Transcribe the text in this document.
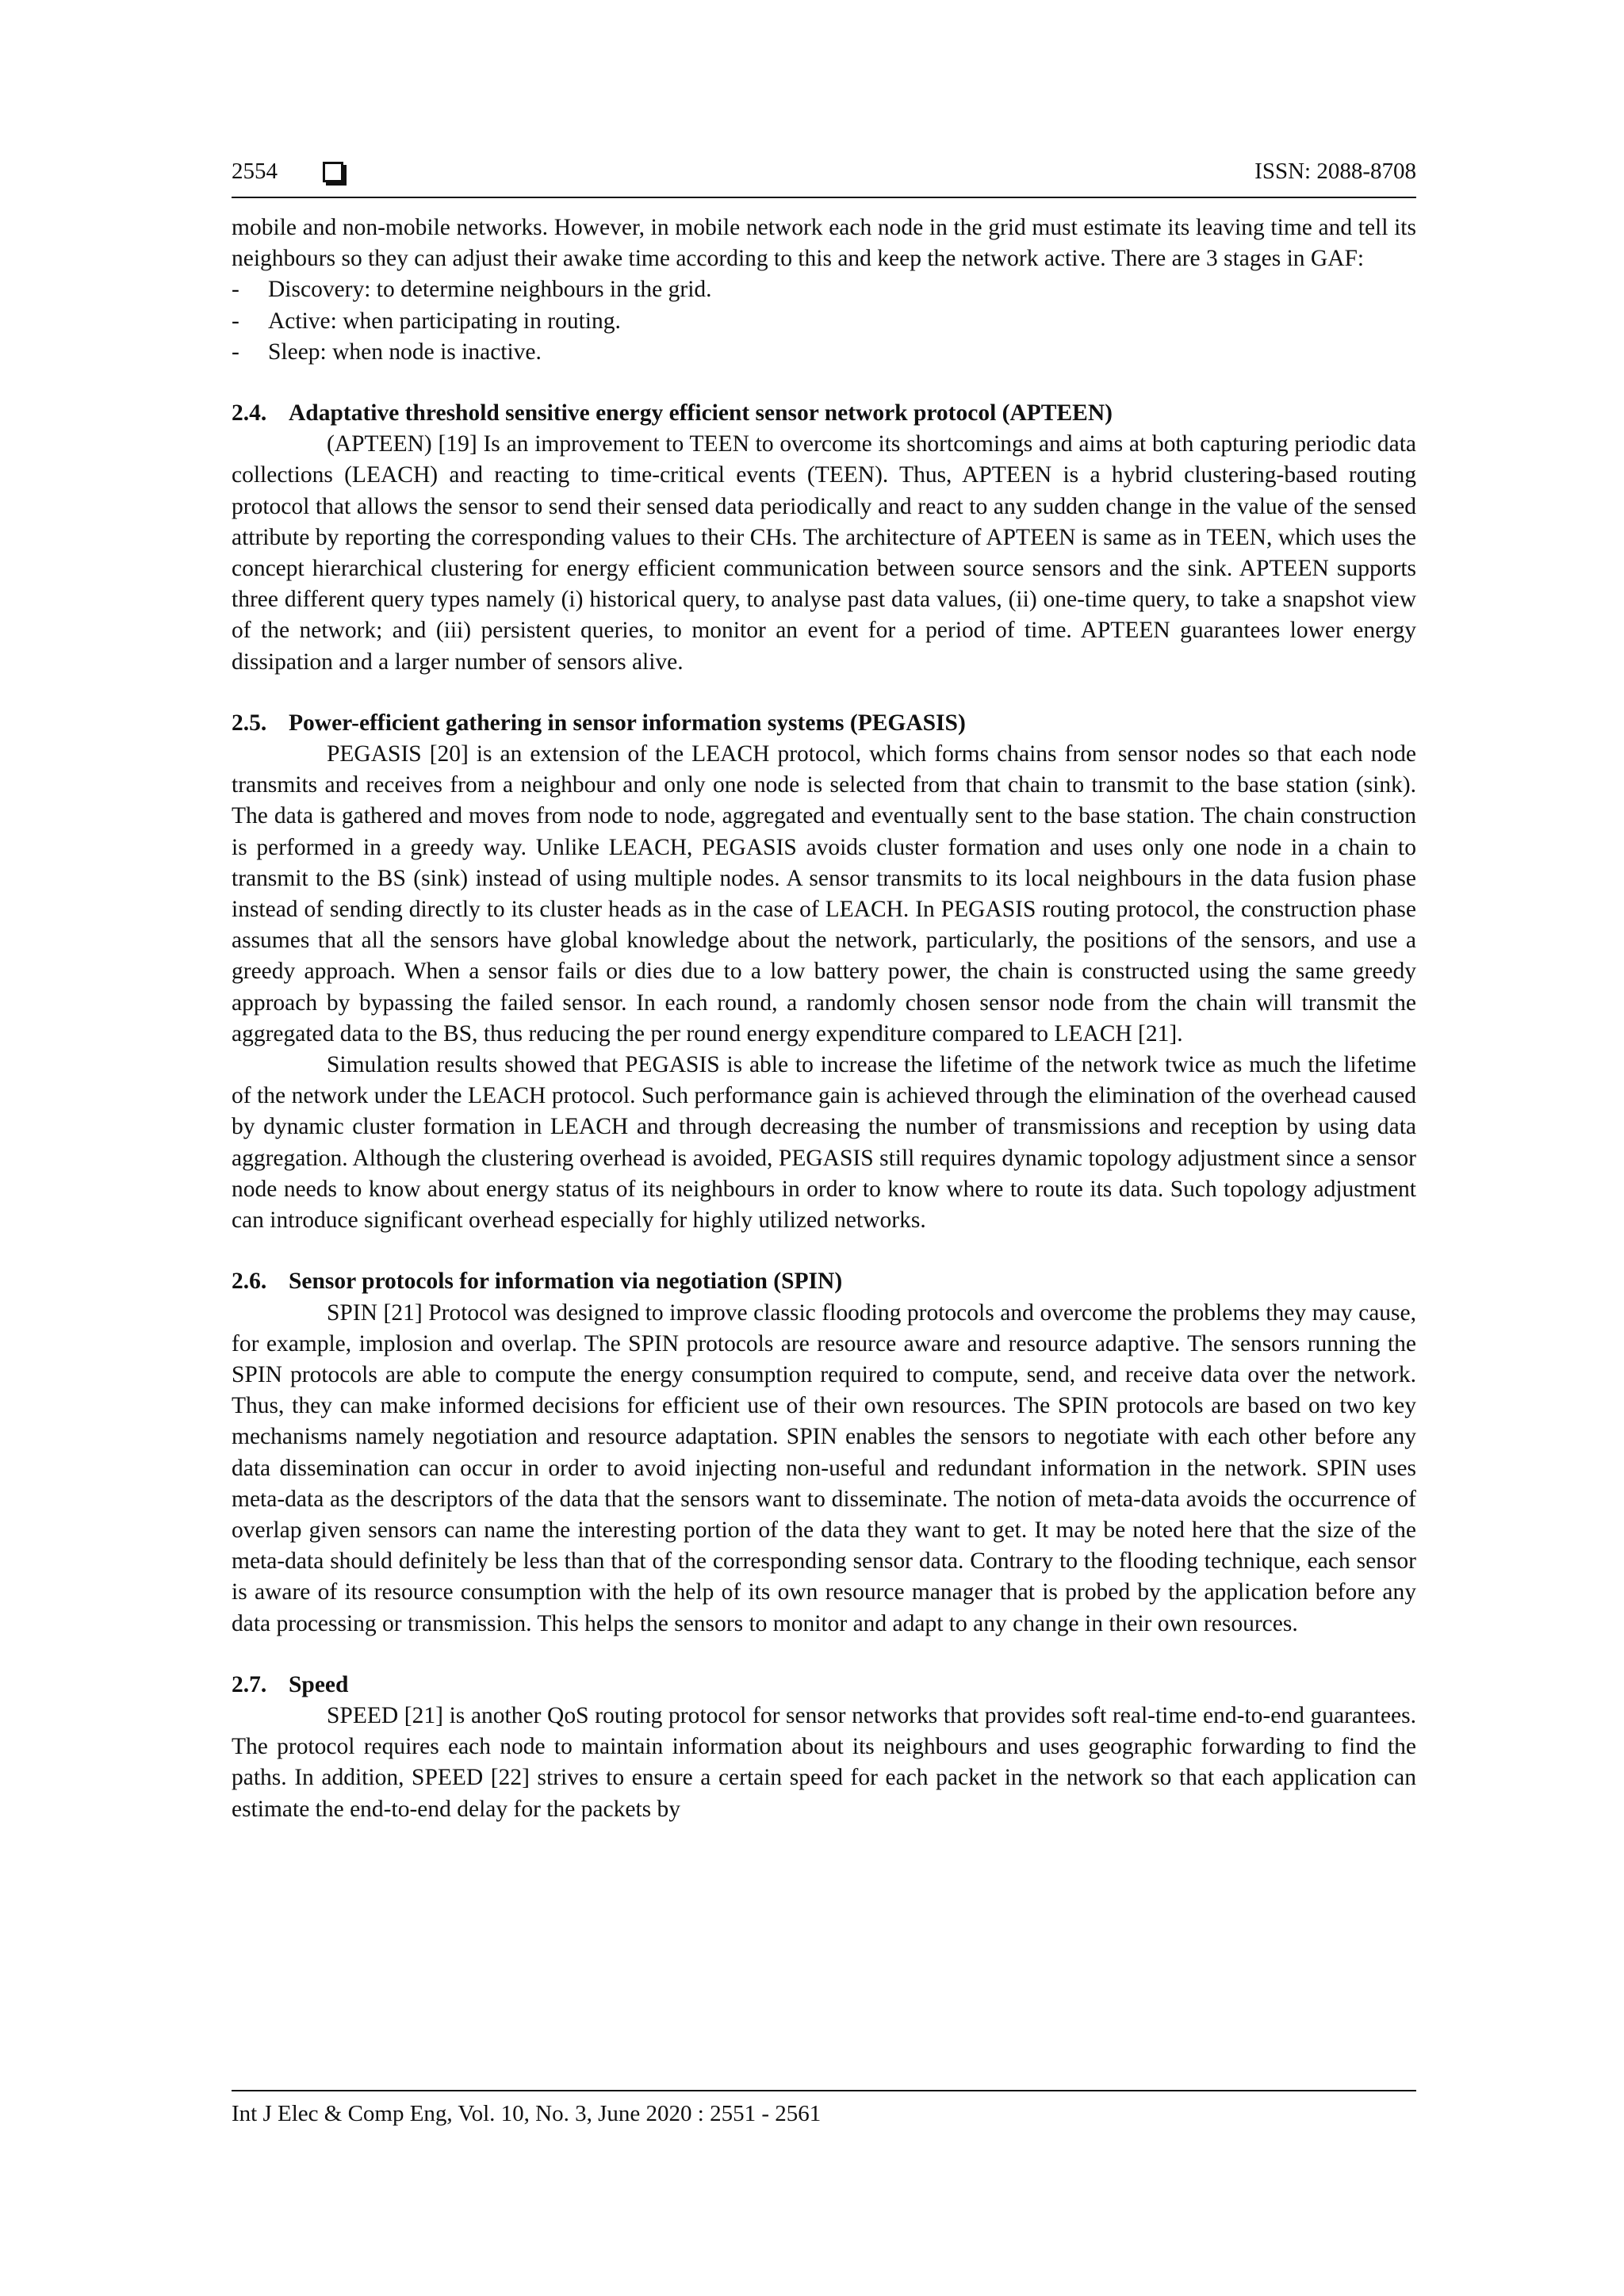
2554	ISSN: 2088-8708

mobile and non-mobile networks. However, in mobile network each node in the grid must estimate its leaving time and tell its neighbours so they can adjust their awake time according to this and keep the network active. There are 3 stages in GAF:

- Discovery: to determine neighbours in the grid.
- Active: when participating in routing.
- Sleep: when node is inactive.

2.4. Adaptative threshold sensitive energy efficient sensor network protocol (APTEEN)

(APTEEN) [19] Is an improvement to TEEN to overcome its shortcomings and aims at both capturing periodic data collections (LEACH) and reacting to time-critical events (TEEN). Thus, APTEEN is a hybrid clustering-based routing protocol that allows the sensor to send their sensed data periodically and react to any sudden change in the value of the sensed attribute by reporting the corresponding values to their CHs. The architecture of APTEEN is same as in TEEN, which uses the concept hierarchical clustering for energy efficient communication between source sensors and the sink. APTEEN supports three different query types namely (i) historical query, to analyse past data values, (ii) one-time query, to take a snapshot view of the network; and (iii) persistent queries, to monitor an event for a period of time. APTEEN guarantees lower energy dissipation and a larger number of sensors alive.

2.5. Power-efficient gathering in sensor information systems (PEGASIS)

PEGASIS [20] is an extension of the LEACH protocol, which forms chains from sensor nodes so that each node transmits and receives from a neighbour and only one node is selected from that chain to transmit to the base station (sink). The data is gathered and moves from node to node, aggregated and eventually sent to the base station. The chain construction is performed in a greedy way. Unlike LEACH, PEGASIS avoids cluster formation and uses only one node in a chain to transmit to the BS (sink) instead of using multiple nodes. A sensor transmits to its local neighbours in the data fusion phase instead of sending directly to its cluster heads as in the case of LEACH. In PEGASIS routing protocol, the construction phase assumes that all the sensors have global knowledge about the network, particularly, the positions of the sensors, and use a greedy approach. When a sensor fails or dies due to a low battery power, the chain is constructed using the same greedy approach by bypassing the failed sensor. In each round, a randomly chosen sensor node from the chain will transmit the aggregated data to the BS, thus reducing the per round energy expenditure compared to LEACH [21].

Simulation results showed that PEGASIS is able to increase the lifetime of the network twice as much the lifetime of the network under the LEACH protocol. Such performance gain is achieved through the elimination of the overhead caused by dynamic cluster formation in LEACH and through decreasing the number of transmissions and reception by using data aggregation. Although the clustering overhead is avoided, PEGASIS still requires dynamic topology adjustment since a sensor node needs to know about energy status of its neighbours in order to know where to route its data. Such topology adjustment can introduce significant overhead especially for highly utilized networks.

2.6. Sensor protocols for information via negotiation (SPIN)

SPIN [21] Protocol was designed to improve classic flooding protocols and overcome the problems they may cause, for example, implosion and overlap. The SPIN protocols are resource aware and resource adaptive. The sensors running the SPIN protocols are able to compute the energy consumption required to compute, send, and receive data over the network. Thus, they can make informed decisions for efficient use of their own resources. The SPIN protocols are based on two key mechanisms namely negotiation and resource adaptation. SPIN enables the sensors to negotiate with each other before any data dissemination can occur in order to avoid injecting non-useful and redundant information in the network. SPIN uses meta-data as the descriptors of the data that the sensors want to disseminate. The notion of meta-data avoids the occurrence of overlap given sensors can name the interesting portion of the data they want to get. It may be noted here that the size of the meta-data should definitely be less than that of the corresponding sensor data. Contrary to the flooding technique, each sensor is aware of its resource consumption with the help of its own resource manager that is probed by the application before any data processing or transmission. This helps the sensors to monitor and adapt to any change in their own resources.

2.7. Speed

SPEED [21] is another QoS routing protocol for sensor networks that provides soft real-time end-to-end guarantees. The protocol requires each node to maintain information about its neighbours and uses geographic forwarding to find the paths. In addition, SPEED [22] strives to ensure a certain speed for each packet in the network so that each application can estimate the end-to-end delay for the packets by

Int J Elec & Comp Eng, Vol. 10, No. 3, June 2020 : 2551 - 2561
